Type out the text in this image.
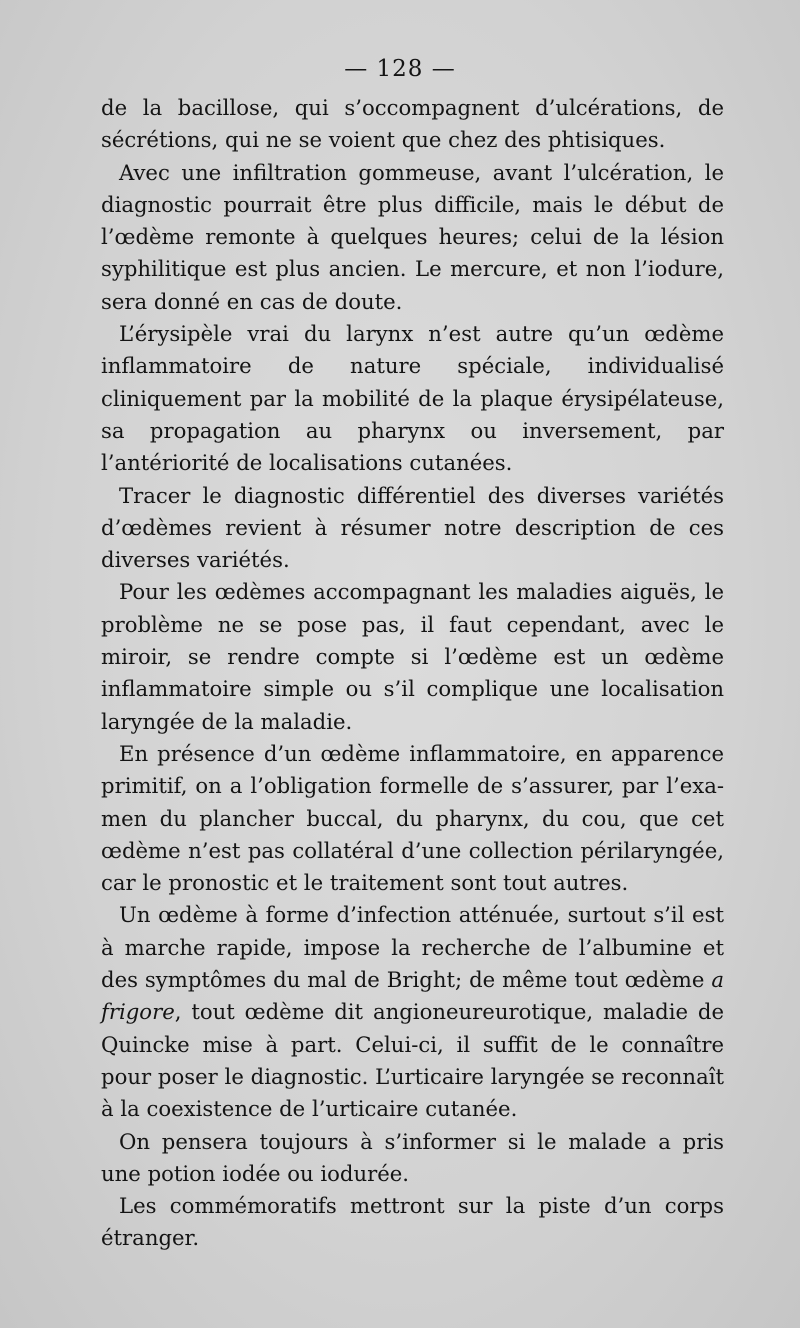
— 128 —

de la bacillose, qui s’occompagnent d’ulcérations, de sécrétions, qui ne se voient que chez des phtisiques.

Avec une infiltration gommeuse, avant l’ulcération, le diagnostic pourrait être plus difficile, mais le début de l’œdème remonte à quelques heures; celui de la lésion syphilitique est plus ancien. Le mercure, et non l’iodure, sera donné en cas de doute.

L’érysipèle vrai du larynx n’est autre qu’un œdème inflammatoire de nature spéciale, individualisé cliniquement par la mobilité de la plaque érysipélateuse, sa propagation au pharynx ou inversement, par l’antériorité de localisations cutanées.

Tracer le diagnostic différentiel des diverses variétés d’œdèmes revient à résumer notre description de ces diverses variétés.

Pour les œdèmes accompagnant les maladies aiguës, le problème ne se pose pas, il faut cependant, avec le miroir, se rendre compte si l’œdème est un œdème inflammatoire simple ou s’il complique une localisation laryngée de la maladie.

En présence d’un œdème inflammatoire, en apparence primitif, on a l’obligation formelle de s’assurer, par l’examen du plancher buccal, du pharynx, du cou, que cet œdème n’est pas collatéral d’une collection périlaryngée, car le pronostic et le traitement sont tout autres.

Un œdème à forme d’infection atténuée, surtout s’il est à marche rapide, impose la recherche de l’albumine et des symptômes du mal de Bright; de même tout œdème a frigore, tout œdème dit angioneureurotique, maladie de Quincke mise à part. Celui-ci, il suffit de le connaître pour poser le diagnostic. L’urticaire laryngée se reconnaît à la coexistence de l’urticaire cutanée.

On pensera toujours à s’informer si le malade a pris une potion iodée ou iodurée.

Les commémoratifs mettront sur la piste d’un corps étranger.
